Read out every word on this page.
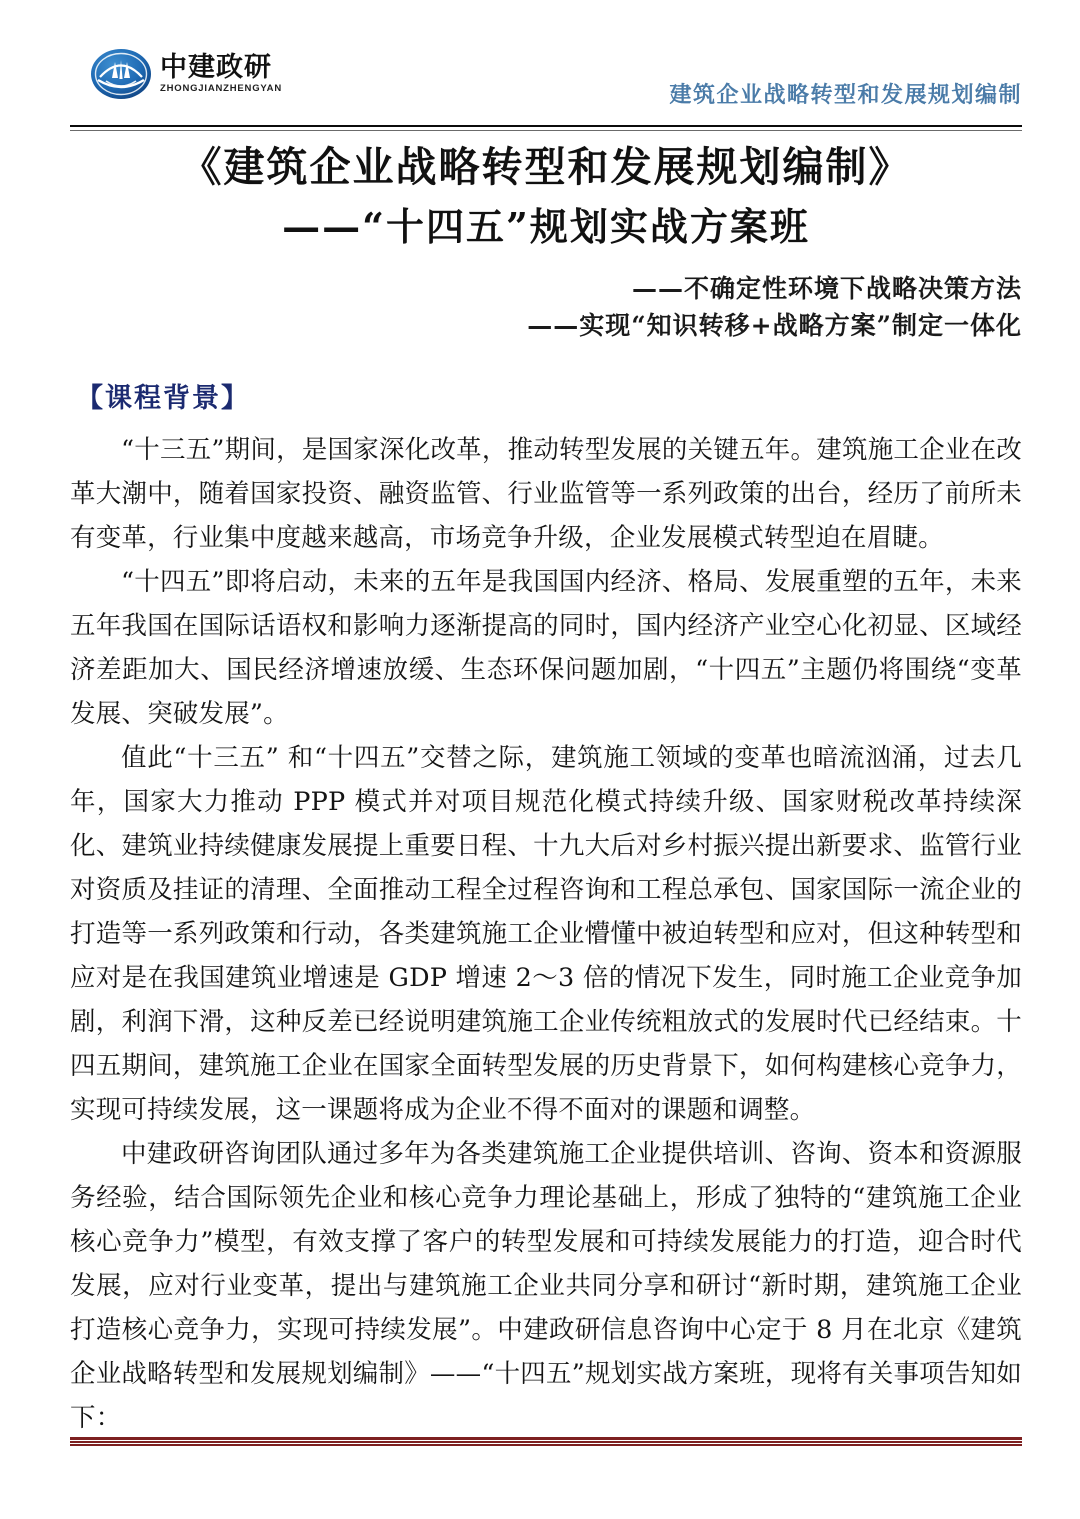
中建政研
ZHONGJIANZHENGYAN	建筑企业战略转型和发展规划编制
《建筑企业战略转型和发展规划编制》
——“十四五”规划实战方案班
——不确定性环境下战略决策方法
——实现“知识转移+战略方案”制定一体化
【课程背景】

“十三五”期间，是国家深化改革，推动转型发展的关键五年。建筑施工企业在改革大潮中，随着国家投资、融资监管、行业监管等一系列政策的出台，经历了前所未有变革，行业集中度越来越高，市场竞争升级，企业发展模式转型迫在眉睫。

“十四五”即将启动，未来的五年是我国国内经济、格局、发展重塑的五年，未来五年我国在国际话语权和影响力逐渐提高的同时，国内经济产业空心化初显、区域经济差距加大、国民经济增速放缓、生态环保问题加剧，“十四五”主题仍将围绕“变革发展、突破发展”。

值此“十三五” 和“十四五”交替之际，建筑施工领域的变革也暗流汹涌，过去几年，国家大力推动 PPP 模式并对项目规范化模式持续升级、国家财税改革持续深化、建筑业持续健康发展提上重要日程、十九大后对乡村振兴提出新要求、监管行业对资质及挂证的清理、全面推动工程全过程咨询和工程总承包、国家国际一流企业的打造等一系列政策和行动，各类建筑施工企业懵懂中被迫转型和应对，但这种转型和应对是在我国建筑业增速是 GDP 增速 2～3 倍的情况下发生，同时施工企业竞争加剧，利润下滑，这种反差已经说明建筑施工企业传统粗放式的发展时代已经结束。十四五期间，建筑施工企业在国家全面转型发展的历史背景下，如何构建核心竞争力，实现可持续发展，这一课题将成为企业不得不面对的课题和调整。

中建政研咨询团队通过多年为各类建筑施工企业提供培训、咨询、资本和资源服务经验，结合国际领先企业和核心竞争力理论基础上，形成了独特的“建筑施工企业核心竞争力”模型，有效支撑了客户的转型发展和可持续发展能力的打造，迎合时代发展，应对行业变革，提出与建筑施工企业共同分享和研讨“新时期，建筑施工企业打造核心竞争力，实现可持续发展”。中建政研信息咨询中心定于 8 月在北京《建筑企业战略转型和发展规划编制》——“十四五”规划实战方案班，现将有关事项告知如下：
